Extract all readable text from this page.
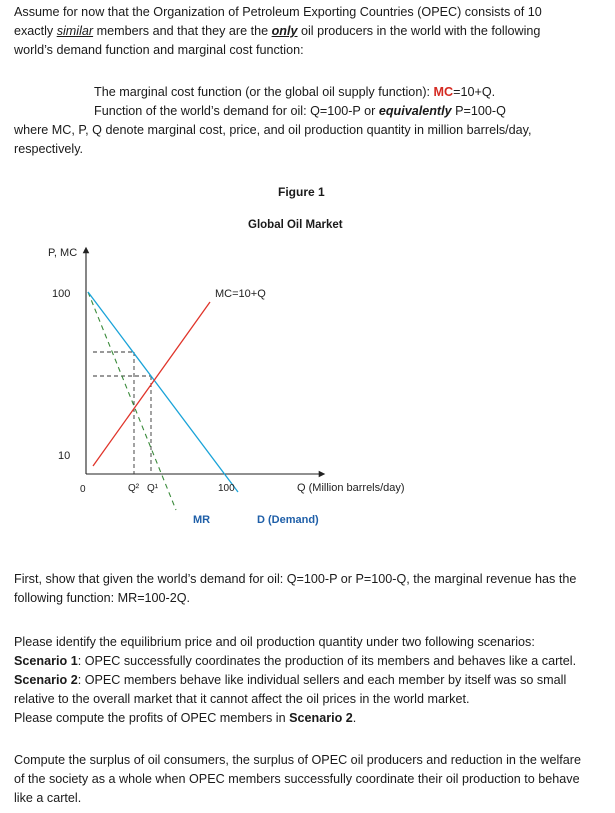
Assume for now that the Organization of Petroleum Exporting Countries (OPEC) consists of 10
exactly similar members and that they are the only oil producers in the world with the following
world’s demand function and marginal cost function:

The marginal cost function (or the global oil supply function): MC=10+Q.

Function of the world’s demand for oil: Q=100-P or equivalently P=100-Q

where MC, P, Q denote marginal cost, price, and oil production quantity in million barrels/day, respectively.

Figure 1
Global Oil Market
P, MC
100
10
0	Q² Q¹	100	Q (Million barrels/day)
MC=10+Q
MR	D (Demand)

First, show that given the world’s demand for oil: Q=100-P or P=100-Q, the marginal revenue has the following function: MR=100-2Q.

Please identify the equilibrium price and oil production quantity under two following scenarios:
Scenario 1: OPEC successfully coordinates the production of its members and behaves like a cartel.
Scenario 2: OPEC members behave like individual sellers and each member by itself was so small relative to the overall market that it cannot affect the oil prices in the world market.
Please compute the profits of OPEC members in Scenario 2.

Compute the surplus of oil consumers, the surplus of OPEC oil producers and reduction in the welfare of the society as a whole when OPEC members successfully coordinate their oil production to behave like a cartel.
